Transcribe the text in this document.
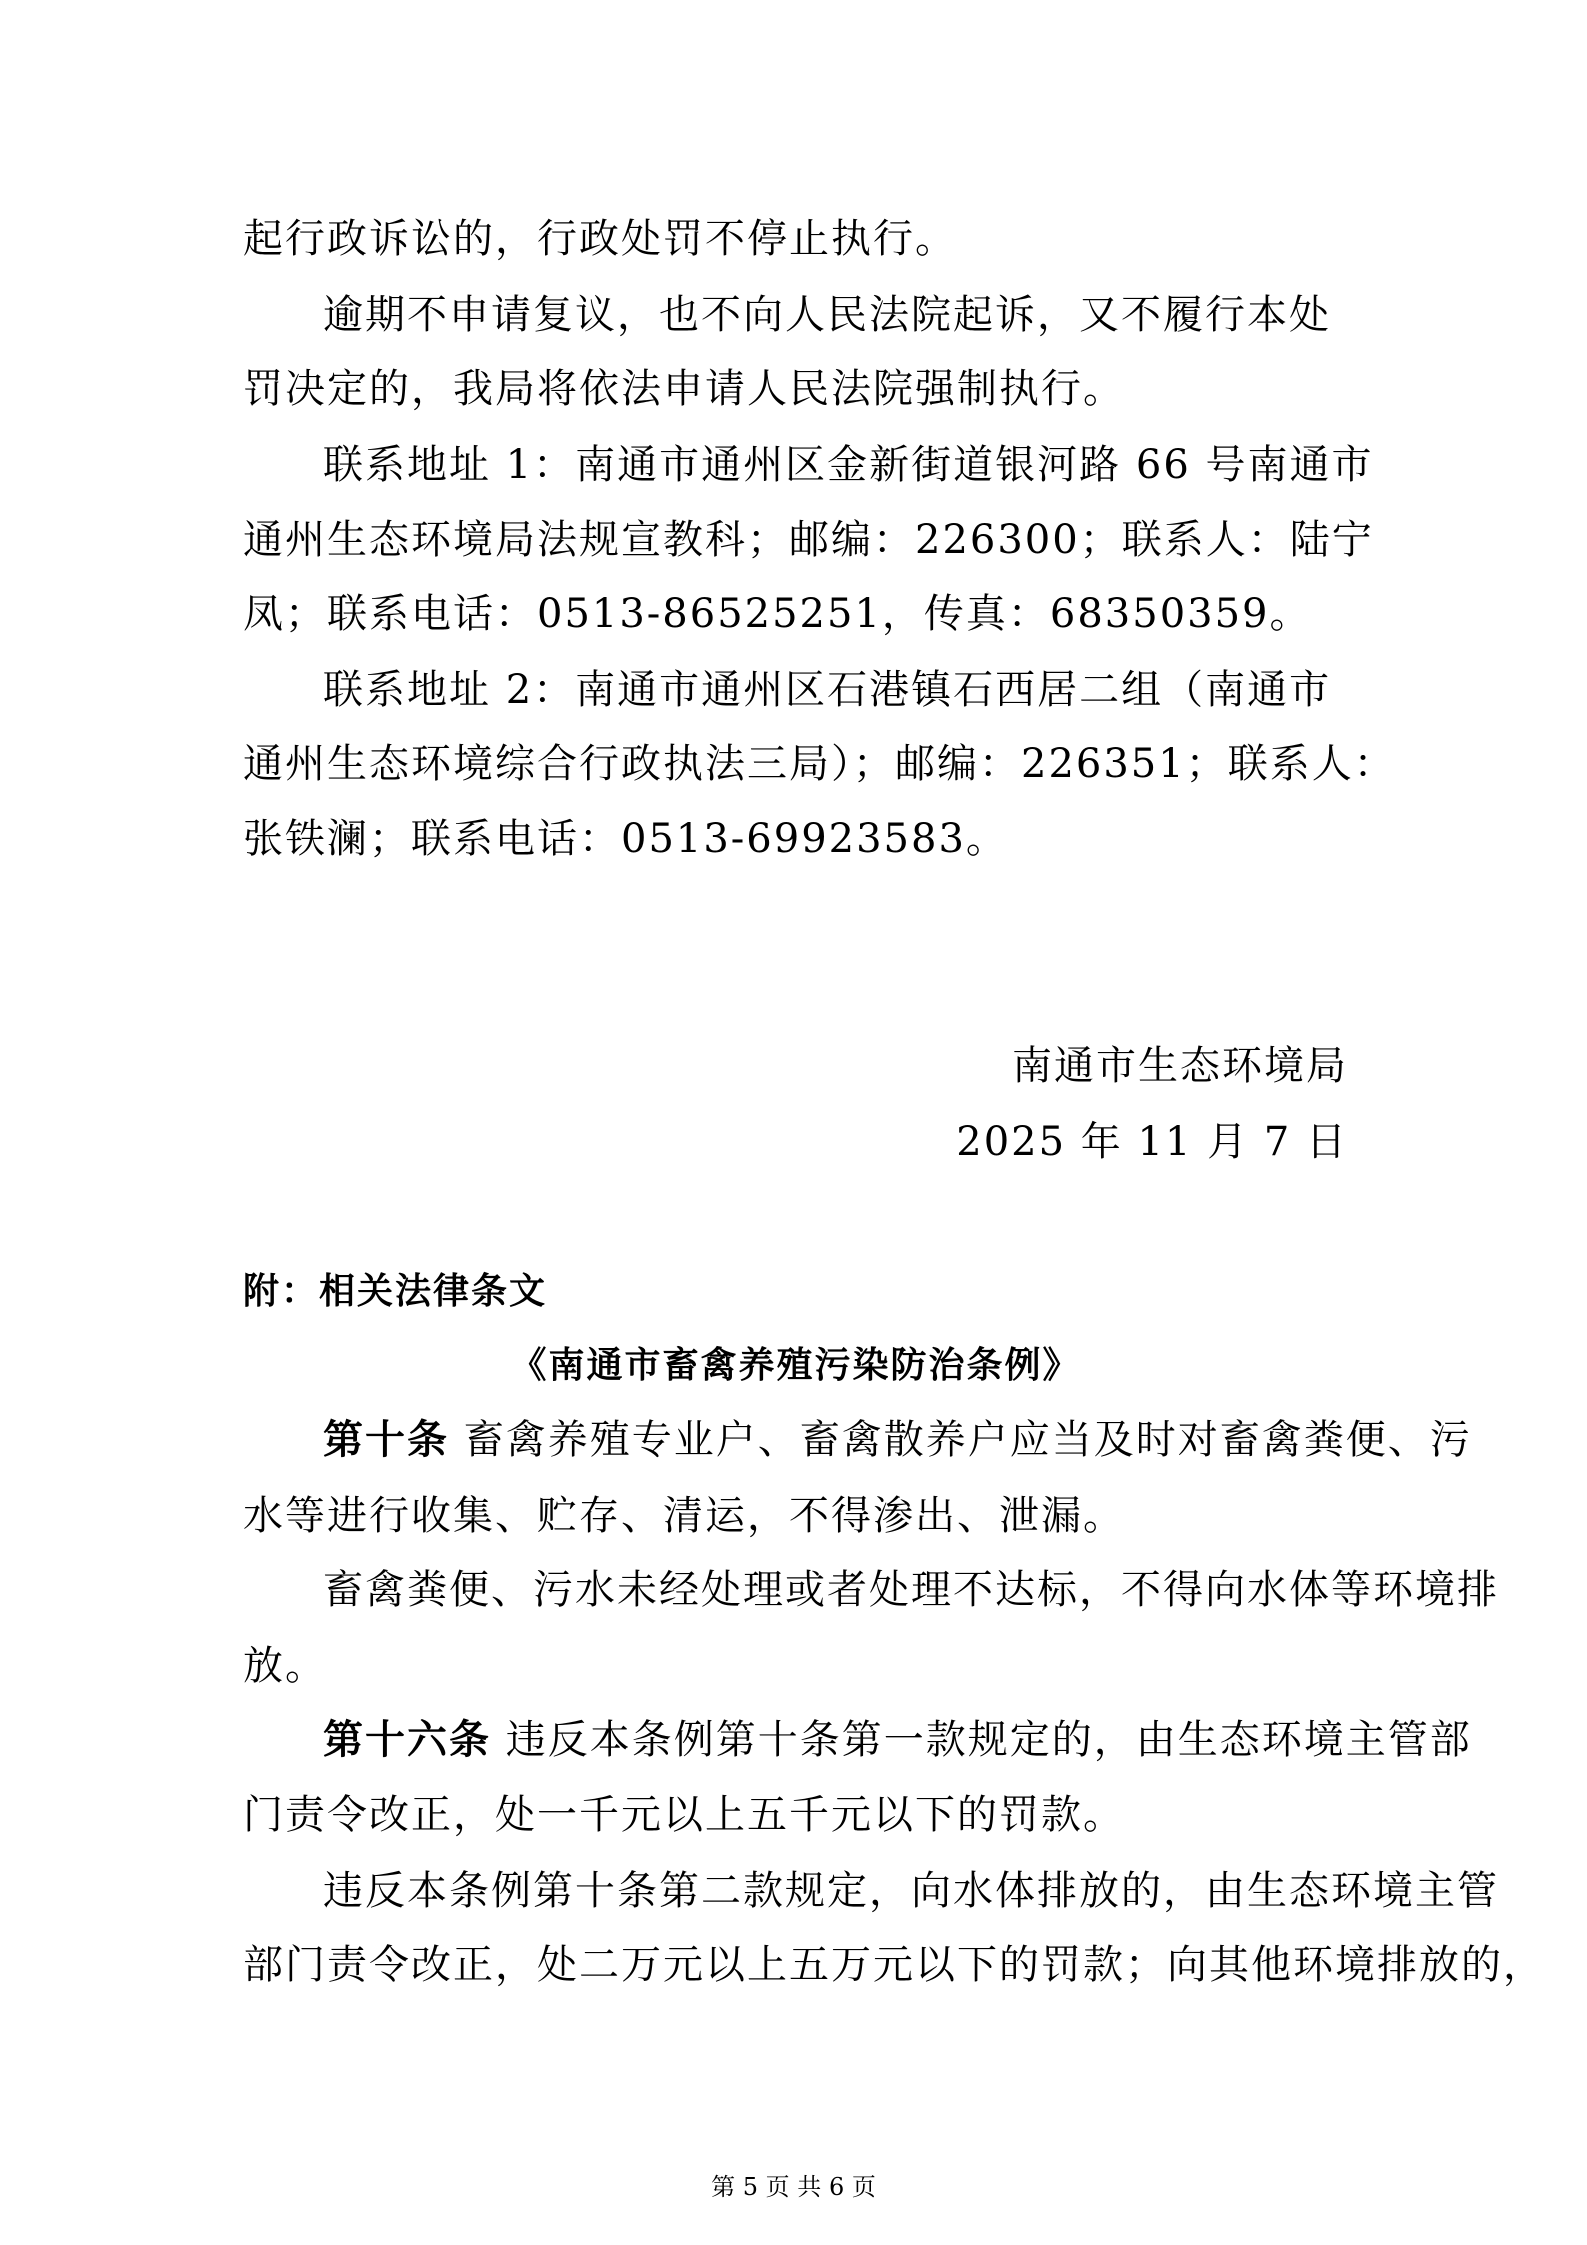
起行政诉讼的，行政处罚不停止执行。
逾期不申请复议，也不向人民法院起诉，又不履行本处
罚决定的，我局将依法申请人民法院强制执行。
联系地址 1：南通市通州区金新街道银河路 66 号南通市
通州生态环境局法规宣教科；邮编：226300；联系人：陆宁
凤；联系电话：0513-86525251，传真：68350359。
联系地址 2：南通市通州区石港镇石西居二组（南通市
通州生态环境综合行政执法三局）；邮编：226351；联系人：
张铁澜；联系电话：0513-69923583。
南通市生态环境局
2025 年 11 月 7 日
附：相关法律条文
《南通市畜禽养殖污染防治条例》
第十条 畜禽养殖专业户、畜禽散养户应当及时对畜禽粪便、污
水等进行收集、贮存、清运，不得渗出、泄漏。
畜禽粪便、污水未经处理或者处理不达标，不得向水体等环境排
放。
第十六条 违反本条例第十条第一款规定的，由生态环境主管部
门责令改正，处一千元以上五千元以下的罚款。
违反本条例第十条第二款规定，向水体排放的，由生态环境主管
部门责令改正，处二万元以上五万元以下的罚款；向其他环境排放的，
第 5 页 共 6 页
